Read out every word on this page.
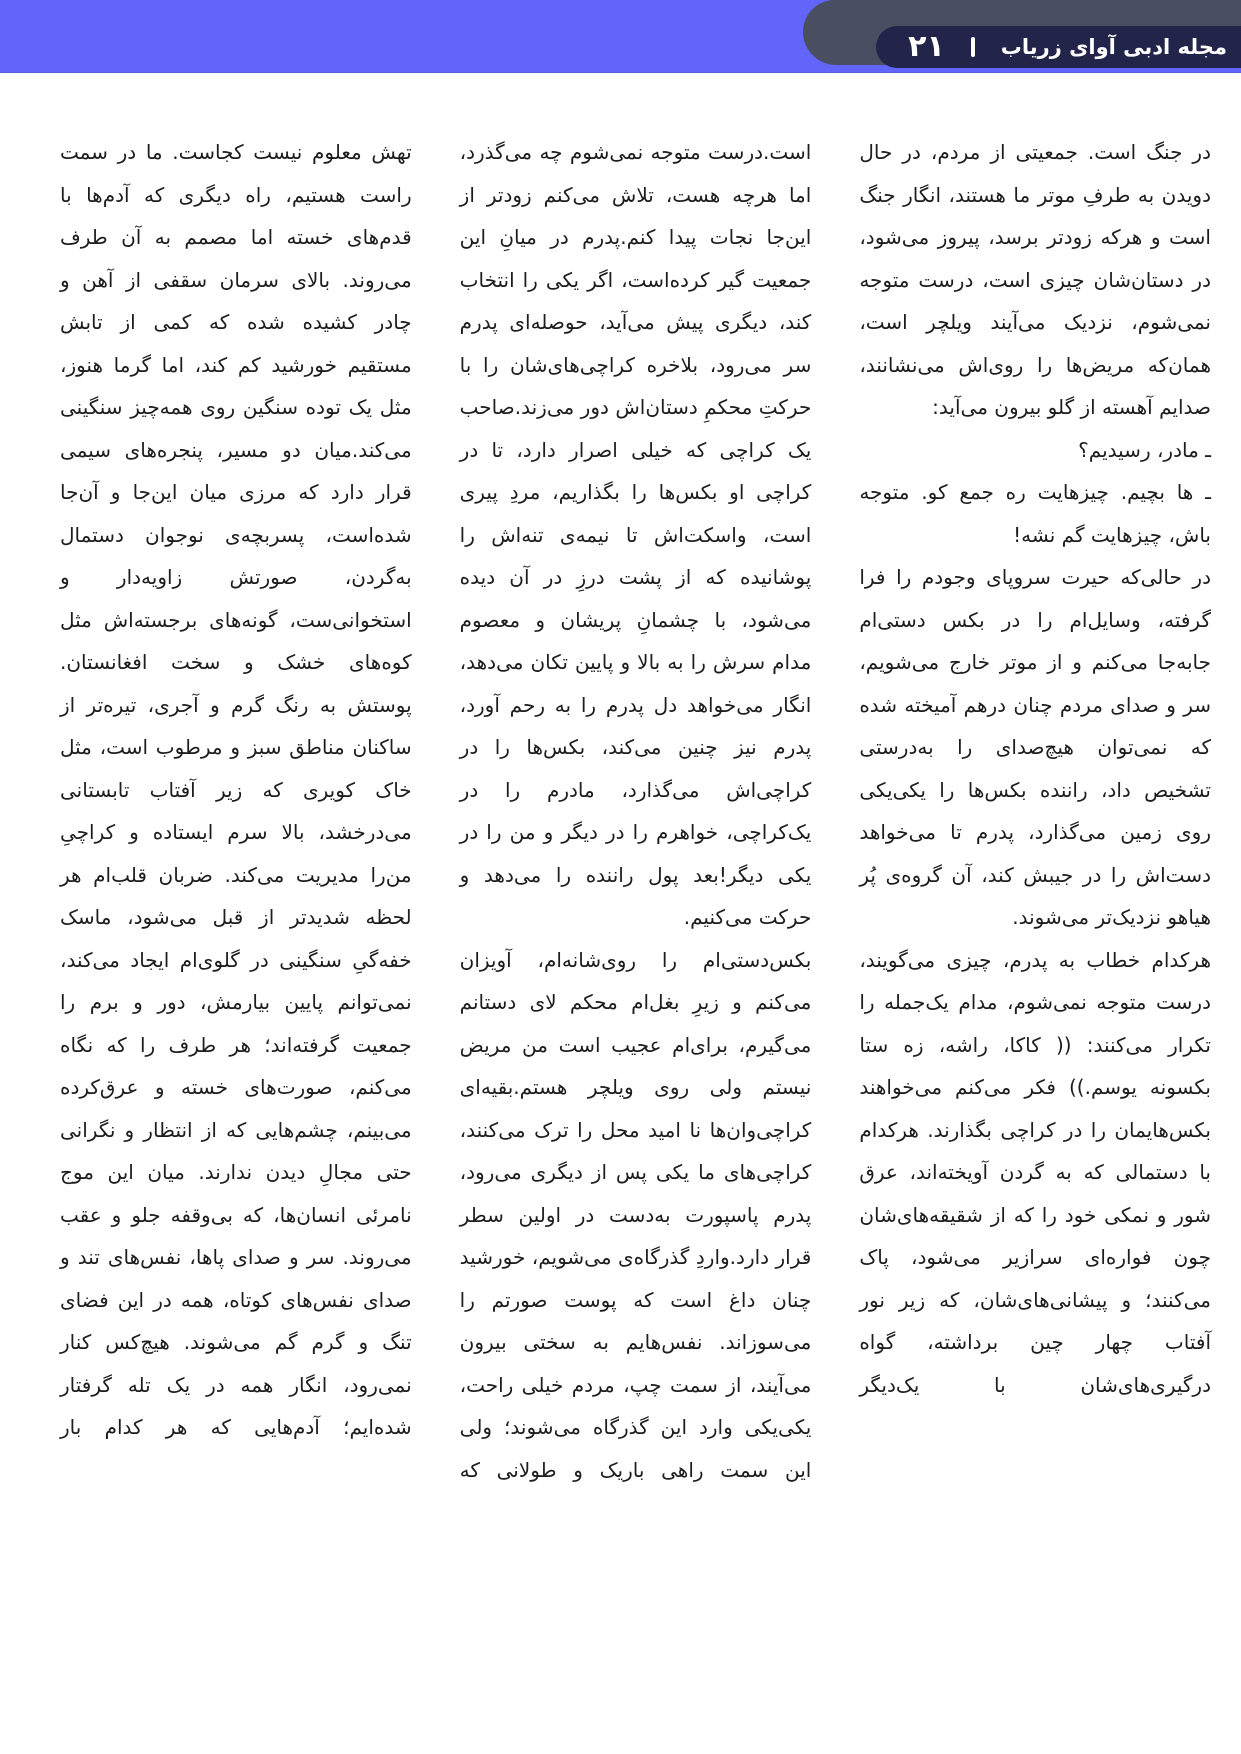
مجله ادبی آوای زریاب
۲۱

در جنگ است. جمعیتی از مردم، در حال دویدن به طرفِ موتر ما هستند، انگار جنگ است و هرکه زودتر برسد، پیروز می‌شود، در دستان‌شان چیزی است، درست متوجه نمی‌شوم، نزدیک می‌آیند ویلچر است، همان‌که مریض‌ها را روی‌اش می‌نشانند، صدایم آهسته از گلو بیرون می‌آید:

ـ مادر، رسیدیم؟

ـ ها بچیم. چیزهایت ره جمع کو. متوجه باش، چیزهایت گم نشه!

در حالی‌که حیرت سروپای وجودم را فرا گرفته، وسایل‌ام را در بکس دستی‌ام جابه‌جا می‌کنم و از موتر خارج می‌شویم، سر و صدای مردم چنان درهم آمیخته شده که نمی‌توان هیچ‌صدای را به‌درستی تشخیص داد، راننده بکس‌ها را یکی‌یکی روی زمین می‌گذارد، پدرم تا می‌خواهد دست‌اش را در جیبش کند، آن گروه‌ی پُر هیاهو نزدیک‌تر می‌شوند.

هرکدام خطاب به پدرم، چیزی می‌گویند، درست متوجه نمی‌شوم، مدام یک‌جمله را تکرار می‌کنند: (( کاکا، راشه، زه ستا بکسونه یوسم.)) فکر می‌کنم می‌خواهند بکس‌هایمان را در کراچی بگذارند. هرکدام با دستمالی که به گردن آویخته‌اند، عرق شور و نمکی خود را که از شقیقه‌های‌شان چون فواره‌ای سرازیر می‌شود، پاک می‌کنند؛ و پیشانی‌های‌شان، که زیر نور آفتاب چهار چین برداشته، گواه درگیری‌های‌شان با یک‌دیگر

است.درست متوجه نمی‌شوم چه می‌گذرد، اما هرچه هست، تلاش می‌کنم زودتر از این‌جا نجات پیدا کنم.پدرم در میانِ این جمعیت گیر کرده‌است، اگر یکی را انتخاب کند، دیگری پیش می‌آید، حوصله‌ای پدرم سر می‌رود، بلاخره کراچی‌های‌شان را با حرکتِ محکمِ دستان‌اش دور می‌زند.صاحب یک کراچی که خیلی اصرار دارد، تا در کراچی او بکس‌ها را بگذاریم، مردِ پیری است، واسکت‌اش تا نیمه‌ی تنه‌اش را پوشانیده که از پشت درزِ در آن دیده می‌شود، با چشمانِ پریشان و معصوم مدام سرش را به بالا و پایین تکان می‌دهد، انگار می‌خواهد دل پدرم را به رحم آورد، پدرم نیز چنین می‌کند، بکس‌ها را در کراچی‌اش می‌گذارد، مادرم را در یک‌کراچی، خواهرم را در دیگر و من را در یکی دیگر!بعد پول راننده را می‌دهد و حرکت می‌کنیم.

بکس‌دستی‌ام را روی‌شانه‌ام، آویزان می‌کنم و زیرِ بغل‌ام محکم لای دستانم می‌گیرم، برای‌ام عجیب است من مریض نیستم ولی روی ویلچر هستم.بقیه‌ای کراچی‌وان‌ها نا امید محل را ترک می‌کنند، کراچی‌های ما یکی پس از دیگری می‌رود، پدرم پاسپورت به‌دست در اولین سطر قرار دارد.واردِ گذرگاه‌ی می‌شویم، خورشید چنان داغ است که پوست صورتم را می‌سوزاند. نفس‌هایم به سختی بیرون می‌آیند، از سمت چپ، مردم خیلی راحت، یکی‌یکی وارد این گذرگاه می‌شوند؛ ولی این سمت راهی باریک و طولانی که

تهش معلوم نیست کجاست. ما در سمت راست هستیم، راه دیگری که آدم‌ها با قدم‌های خسته اما مصمم به آن طرف می‌روند. بالای سرمان سقفی از آهن و چادر کشیده شده که کمی از تابش مستقیم خورشید کم کند، اما گرما هنوز، مثل یک توده سنگین روی همه‌چیز سنگینی می‌کند.میان دو مسیر، پنجره‌های سیمی قرار دارد که مرزی میان این‌جا و آن‌جا شده‌است، پسربچه‌ی نوجوان دستمال به‌گردن، صورتش زاویه‌دار و استخوانی‌ست، گونه‌های برجسته‌اش مثل کوه‌های خشک و سخت افغانستان. پوستش به رنگ گرم و آجری، تیره‌تر از ساکنان مناطق سبز و مرطوب است، مثل خاک کویری که زیر آفتاب تابستانی می‌درخشد، بالا سرم ایستاده و کراچیِ من‌را مدیریت می‌کند. ضربان قلب‌ام هر لحظه شدیدتر از قبل می‌شود، ماسک خفه‌گیِ سنگینی در گلوی‌ام ایجاد می‌کند، نمی‌توانم پایین بیارمش، دور و برم را جمعیت گرفته‌اند؛ هر طرف را که نگاه می‌کنم، صورت‌های خسته و عرق‌کرده می‌بینم، چشم‌هایی که از انتظار و نگرانی حتی مجالِ دیدن ندارند. میان این موج نامرئی انسان‌ها، که بی‌وقفه جلو و عقب می‌روند. سر و صدای پاها، نفس‌های تند و صدای نفس‌های کوتاه، همه در این فضای تنگ و گرم گم می‌شوند. هیچ‌کس کنار نمی‌رود، انگار همه در یک تله گرفتار شده‌ایم؛ آدم‌هایی که هر کدام بار
